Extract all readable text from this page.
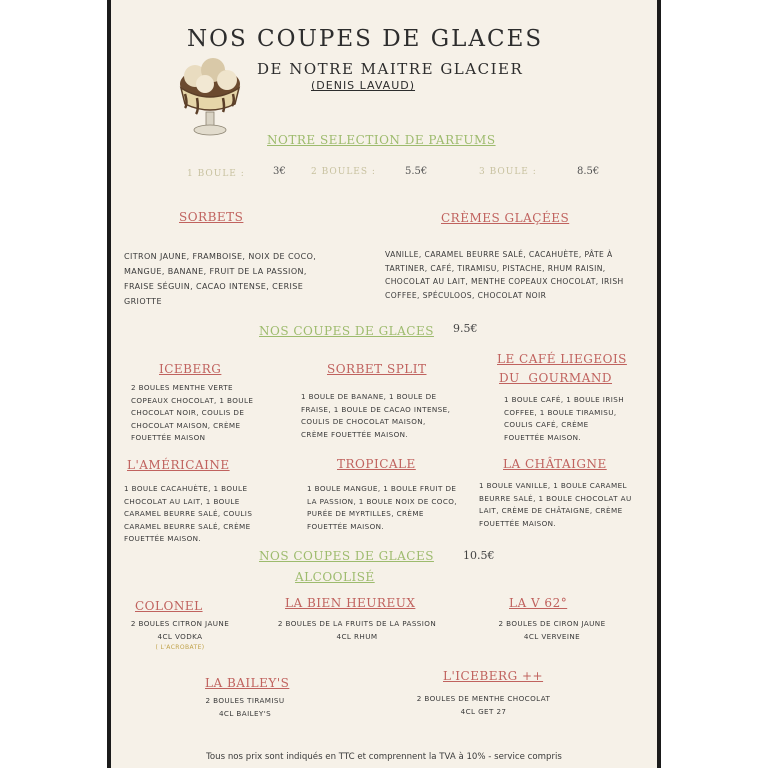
NOS COUPES DE GLACES
DE NOTRE MAITRE GLACIER
(DENIS LAVAUD)
NOTRE SELECTION DE PARFUMS
1 BOULE :	3€	2 BOULES :	5.5€	3 BOULE :	8.5€
SORBETS	CRÈMES GLAÇÉES
CITRON JAUNE, FRAMBOISE, NOIX DE COCO,
MANGUE, BANANE, FRUIT DE LA PASSION,
FRAISE SÉGUIN, CACAO INTENSE, CERISE
GRIOTTE
VANILLE, CARAMEL BEURRE SALÉ, CACAHUÈTE, PÂTE À
TARTINER, CAFÉ, TIRAMISU, PISTACHE, RHUM RAISIN,
CHOCOLAT AU LAIT, MENTHE COPEAUX CHOCOLAT, IRISH
COFFEE, SPÉCULOOS, CHOCOLAT NOIR
NOS COUPES DE GLACES 9.5€
ICEBERG	SORBET SPLIT
LE CAFÉ LIEGEOIS
DU  GOURMAND
2 BOULES MENTHE VERTE
COPEAUX CHOCOLAT, 1 BOULE
CHOCOLAT NOIR, COULIS DE
CHOCOLAT MAISON, CRÈME
FOUETTÉE MAISON
1 BOULE DE BANANE, 1 BOULE DE
FRAISE, 1 BOULE DE CACAO INTENSE,
COULIS DE CHOCOLAT MAISON,
CRÈME FOUETTÉE MAISON.
1 BOULE CAFÉ, 1 BOULE IRISH
COFFEE, 1 BOULE TIRAMISU,
COULIS CAFÉ, CRÈME
FOUETTÉE MAISON.
L'AMÉRICAINE	TROPICALE	LA CHÂTAIGNE
1 BOULE CACAHUÈTE, 1 BOULE
CHOCOLAT AU LAIT, 1 BOULE
CARAMEL BEURRE SALÉ, COULIS
CARAMEL BEURRE SALÉ, CRÈME
FOUETTÉE MAISON.
1 BOULE MANGUE, 1 BOULE FRUIT DE
LA PASSION, 1 BOULE NOIX DE COCO,
PURÉE DE MYRTILLES, CRÈME
FOUETTÉE MAISON.
1 BOULE VANILLE, 1 BOULE CARAMEL
BEURRE SALÉ, 1 BOULE CHOCOLAT AU
LAIT, CRÈME DE CHÂTAIGNE, CRÈME
FOUETTÉE MAISON.
NOS COUPES DE GLACES	10.5€
ALCOOLISÉ
COLONEL	LA BIEN HEUREUX	LA V 62°
2 BOULES CITRON JAUNE
4CL VODKA
( L'ACROBATE)
2 BOULES DE LA FRUITS DE LA PASSION
4CL RHUM
2 BOULES DE CIRON JAUNE
4CL VERVEINE
LA BAILEY'S	L'ICEBERG ++
2 BOULES TIRAMISU
4CL BAILEY'S
2 BOULES DE MENTHE CHOCOLAT
4CL GET 27
Tous nos prix sont indiqués en TTC et comprennent la TVA à 10% - service compris
